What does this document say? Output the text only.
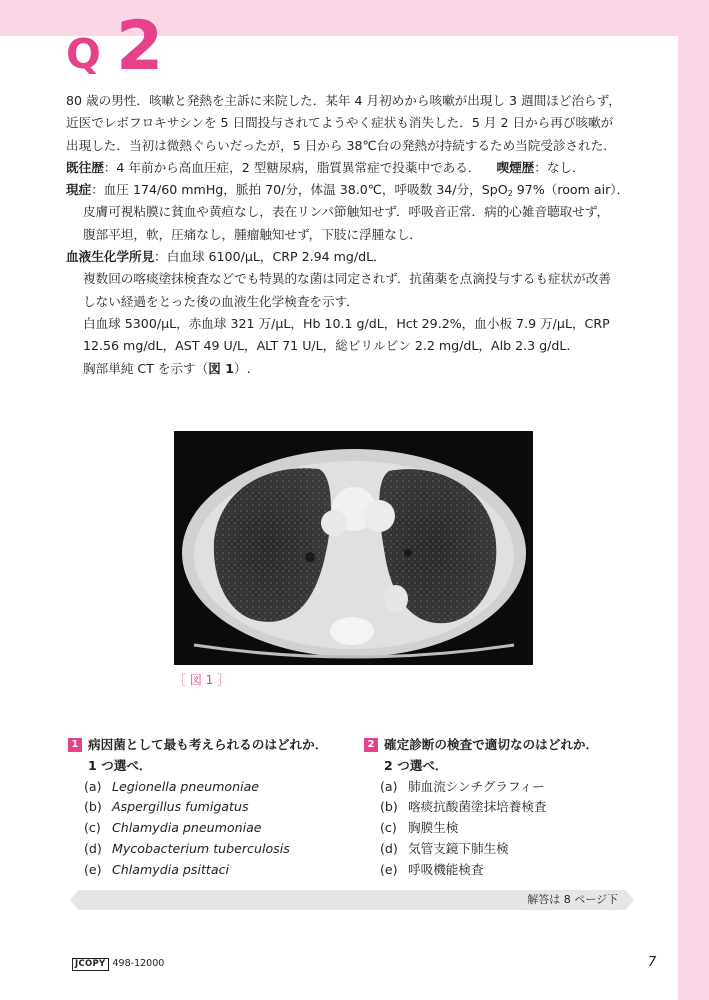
Q 2

80 歳の男性．咳嗽と発熱を主訴に来院した．某年 4 月初めから咳嗽が出現し 3 週間ほど治らず，

近医でレボフロキサシンを 5 日間投与されてようやく症状も消失した．5 月 2 日から再び咳嗽が

出現した．当初は微熱ぐらいだったが，5 日から 38℃台の発熱が持続するため当院受診された．

既往歴：4 年前から高血圧症，2 型糖尿病，脂質異常症で投薬中である． 喫煙歴：なし．

現症：血圧 174/60 mmHg，脈拍 70/分，体温 38.0℃，呼吸数 34/分，SpO$_2$ 97%（room air）．

皮膚可視粘膜に貧血や黄疸なし，表在リンパ節触知せず．呼吸音正常．病的心雑音聴取せず，

腹部平坦，軟，圧痛なし，腫瘤触知せず，下肢に浮腫なし．

血液生化学所見：白血球 6100/μL，CRP 2.94 mg/dL．

複数回の喀痰塗抹検査などでも特異的な菌は同定されず．抗菌薬を点滴投与するも症状が改善

しない経過をとった後の血液生化学検査を示す．

白血球 5300/μL，赤血球 321 万/μL，Hb 10.1 g/dL，Hct 29.2%，血小板 7.9 万/μL，CRP

12.56 mg/dL，AST 49 U/L，ALT 71 U/L，総ビリルビン 2.2 mg/dL，Alb 2.3 g/dL.

胸部単純 CT を示す（図 1）.

［ 図 1 ］
1 病因菌として最も考えられるのはどれか．
1 つ選べ．
(a) Legionella pneumoniae
(b) Aspergillus fumigatus
(c) Chlamydia pneumoniae
(d) Mycobacterium tuberculosis
(e) Chlamydia psittaci
2 確定診断の検査で適切なのはどれか．
2 つ選べ．
(a) 肺血流シンチグラフィー
(b) 喀痰抗酸菌塗抹培養検査
(c) 胸膜生検
(d) 気管支鏡下肺生検
(e) 呼吸機能検査
解答は 8 ページ下
JCOPY 498-12000	7
